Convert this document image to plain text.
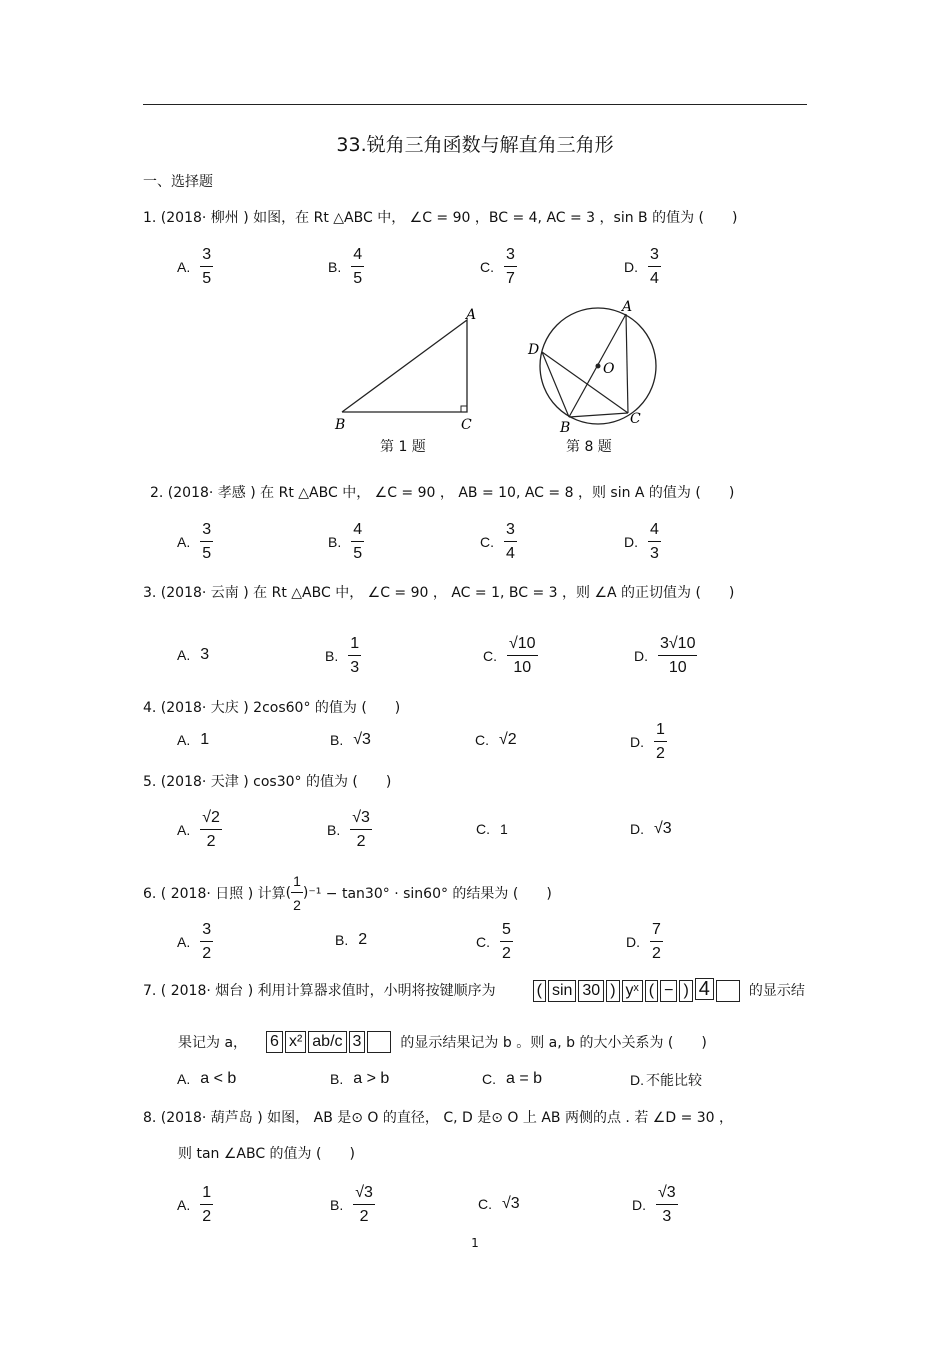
33.锐角三角函数与解直角三角形
一、选择题
1. (2018· 柳州 ) 如图，在 Rt △ABC 中， ∠C = 90 ，BC = 4, AC = 3 ，sin B 的值为 (　　)
A. $\frac{3}{5}$	B. $\frac{4}{5}$	C. $\frac{3}{7}$	D. $\frac{3}{4}$
A
B	C
第 1 题
A
B
C
D
O
第 8 题
2. (2018· 孝感 ) 在 Rt △ABC 中， ∠C = 90 ， AB = 10, AC = 8 ，则 sin A 的值为 (　　)
A. $\frac{3}{5}$	B. $\frac{4}{5}$	C. $\frac{3}{4}$	D. $\frac{4}{3}$
3. (2018· 云南 ) 在 Rt △ABC 中， ∠C = 90 ， AC = 1, BC = 3 ，则 ∠A 的正切值为 (　　)
A. 3	B. $\frac{1}{3}$	C. $\frac{√10}{10}$	D. $\frac{3√10}{10}$
4. (2018· 大庆 ) 2cos60° 的值为 (　　)
A. 1	B. √3	C. √2	D. $\frac{1}{2}$
5. (2018· 天津 ) cos30° 的值为 (　　)
A. $\frac{√2}{2}$	B. $\frac{√3}{2}$	C. 1	D. √3
6. ( 2018· 日照 ) 计算 ( $\frac{1}{2}$ ) ⁻¹ − tan30° · sin60° 的结果为 (　　)
A. $\frac{3}{2}$	B. 2	C. $\frac{5}{2}$	D. $\frac{7}{2}$
7. ( 2018· 烟台 ) 利用计算器求值时，小明将按键顺序为	( sin 30 ) yˣ ( − ) 4	的显示结
果记为 a，	6 x² ab/c 3	的显示结果记为 b 。则 a, b 的大小关系为 (　　)
A. a < b	B. a > b	C. a = b	D. 不能比较
8. (2018· 葫芦岛 ) 如图， AB 是⊙ O 的直径， C, D 是⊙ O 上 AB 两侧的点 . 若 ∠D = 30 ，
则 tan ∠ABC 的值为 (　　)
A. $\frac{1}{2}$	B. $\frac{√3}{2}$	C. √3	D. $\frac{√3}{3}$
1
